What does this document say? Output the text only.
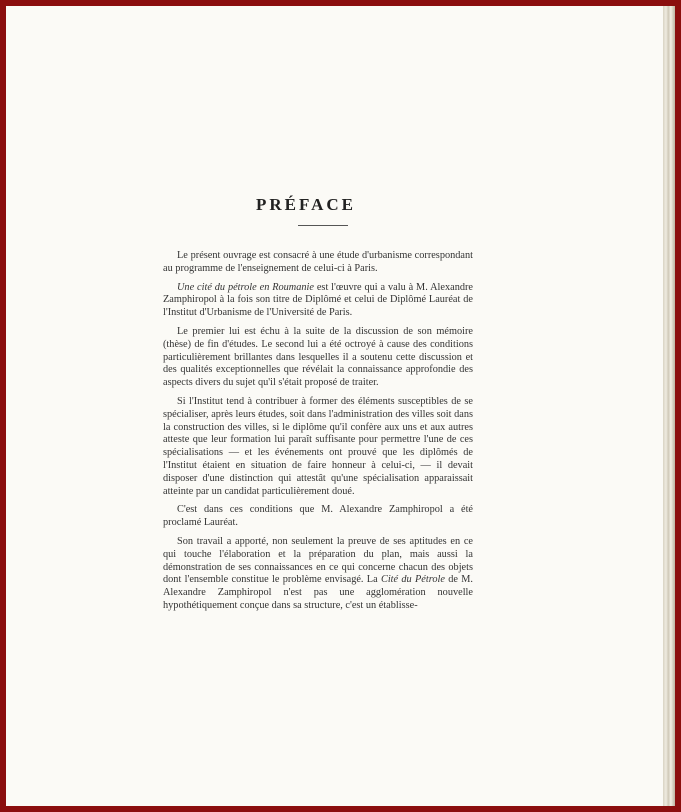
PRÉFACE

Le présent ouvrage est consacré à une étude d'urbanisme correspondant au programme de l'enseignement de celui-ci à Paris.

Une cité du pétrole en Roumanie est l'œuvre qui a valu à M. Alexandre Zamphiropol à la fois son titre de Diplômé et celui de Diplômé Lauréat de l'Institut d'Urbanisme de l'Université de Paris.

Le premier lui est échu à la suite de la discussion de son mémoire (thèse) de fin d'études. Le second lui a été octroyé à cause des conditions particulièrement brillantes dans lesquelles il a soutenu cette discussion et des qualités exceptionnelles que révélait la connaissance approfondie des aspects divers du sujet qu'il s'était proposé de traiter.

Si l'Institut tend à contribuer à former des éléments susceptibles de se spécialiser, après leurs études, soit dans l'administration des villes soit dans la construction des villes, si le diplôme qu'il confère aux uns et aux autres atteste que leur formation lui paraît suffisante pour permettre l'une de ces spécialisations — et les événements ont prouvé que les diplômés de l'Institut étaient en situation de faire honneur à celui-ci, — il devait disposer d'une distinction qui attestât qu'une spécialisation apparaissait atteinte par un candidat particulièrement doué.

C'est dans ces conditions que M. Alexandre Zamphiropol a été proclamé Lauréat.

Son travail a apporté, non seulement la preuve de ses aptitudes en ce qui touche l'élaboration et la préparation du plan, mais aussi la démonstration de ses connaissances en ce qui concerne chacun des objets dont l'ensemble constitue le problème envisagé. La Cité du Pétrole de M. Alexandre Zamphiropol n'est pas une agglomération nouvelle hypothétiquement conçue dans sa structure, c'est un établisse-
